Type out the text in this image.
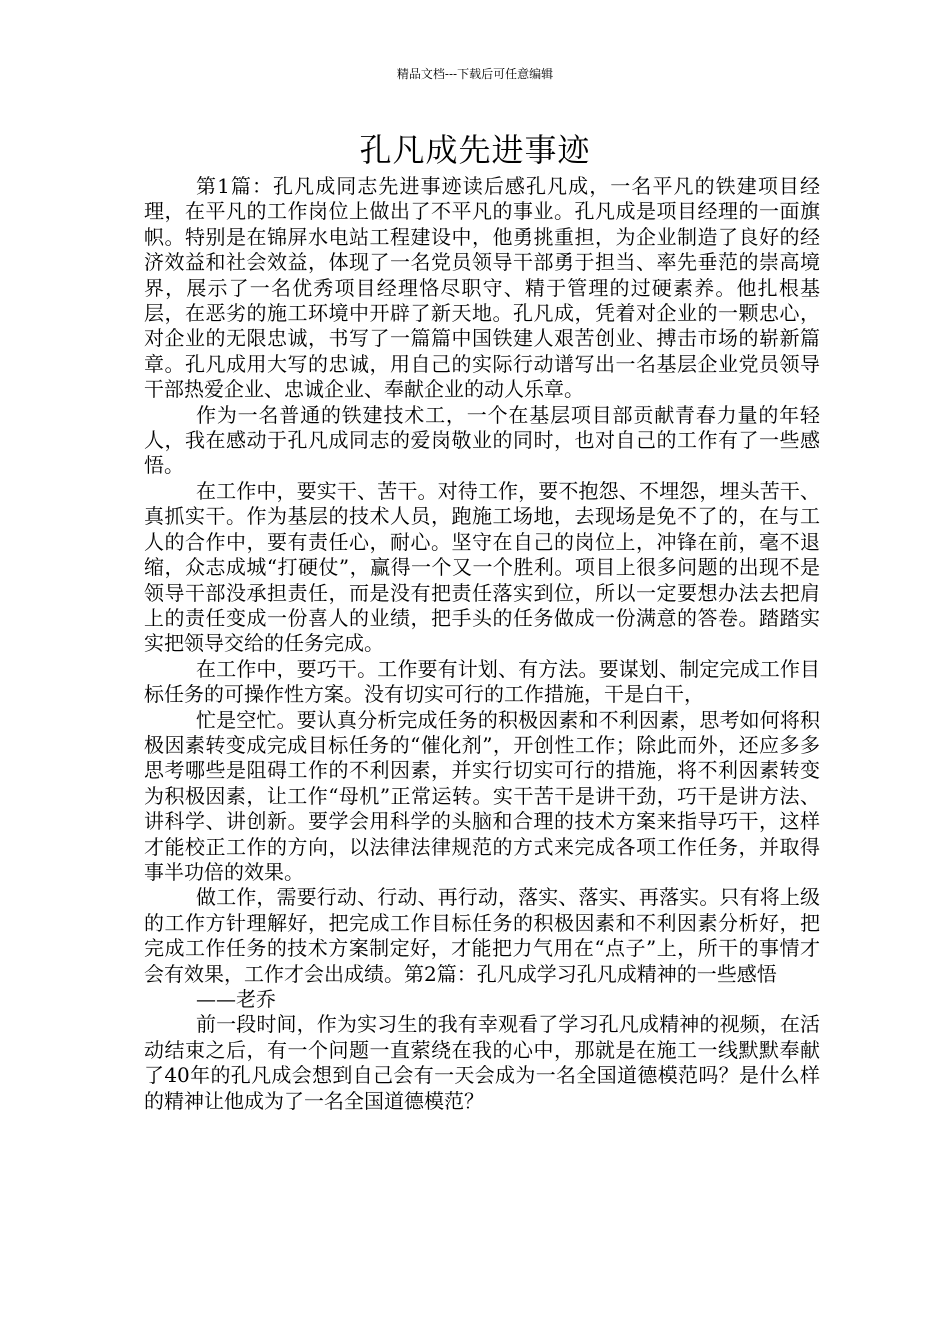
精品文档---下载后可任意编辑
孔凡成先进事迹

第1篇：孔凡成同志先进事迹读后感孔凡成，一名平凡的铁建项目经理，在平凡的工作岗位上做出了不平凡的事业。孔凡成是项目经理的一面旗帜。特别是在锦屏水电站工程建设中，他勇挑重担，为企业制造了良好的经济效益和社会效益，体现了一名党员领导干部勇于担当、率先垂范的崇高境界，展示了一名优秀项目经理恪尽职守、精于管理的过硬素养。他扎根基层，在恶劣的施工环境中开辟了新天地。孔凡成，凭着对企业的一颗忠心，对企业的无限忠诚，书写了一篇篇中国铁建人艰苦创业、搏击市场的崭新篇章。孔凡成用大写的忠诚，用自己的实际行动谱写出一名基层企业党员领导干部热爱企业、忠诚企业、奉献企业的动人乐章。

作为一名普通的铁建技术工，一个在基层项目部贡献青春力量的年轻人，我在感动于孔凡成同志的爱岗敬业的同时，也对自己的工作有了一些感悟。

在工作中，要实干、苦干。对待工作，要不抱怨、不埋怨，埋头苦干、真抓实干。作为基层的技术人员，跑施工场地，去现场是免不了的，在与工人的合作中，要有责任心，耐心。坚守在自己的岗位上，冲锋在前，毫不退缩，众志成城“打硬仗”，赢得一个又一个胜利。项目上很多问题的出现不是领导干部没承担责任，而是没有把责任落实到位，所以一定要想办法去把肩上的责任变成一份喜人的业绩，把手头的任务做成一份满意的答卷。踏踏实实把领导交给的任务完成。

在工作中，要巧干。工作要有计划、有方法。要谋划、制定完成工作目标任务的可操作性方案。没有切实可行的工作措施，干是白干，

忙是空忙。要认真分析完成任务的积极因素和不利因素，思考如何将积极因素转变成完成目标任务的“催化剂”，开创性工作；除此而外，还应多多思考哪些是阻碍工作的不利因素，并实行切实可行的措施，将不利因素转变为积极因素，让工作“母机”正常运转。实干苦干是讲干劲，巧干是讲方法、讲科学、讲创新。要学会用科学的头脑和合理的技术方案来指导巧干，这样才能校正工作的方向，以法律法律规范的方式来完成各项工作任务，并取得事半功倍的效果。

做工作，需要行动、行动、再行动，落实、落实、再落实。只有将上级的工作方针理解好，把完成工作目标任务的积极因素和不利因素分析好，把完成工作任务的技术方案制定好，才能把力气用在“点子”上，所干的事情才会有效果，工作才会出成绩。第2篇：孔凡成学习孔凡成精神的一些感悟

——老乔

前一段时间，作为实习生的我有幸观看了学习孔凡成精神的视频，在活动结束之后，有一个问题一直萦绕在我的心中，那就是在施工一线默默奉献了40年的孔凡成会想到自己会有一天会成为一名全国道德模范吗？是什么样的精神让他成为了一名全国道德模范？
